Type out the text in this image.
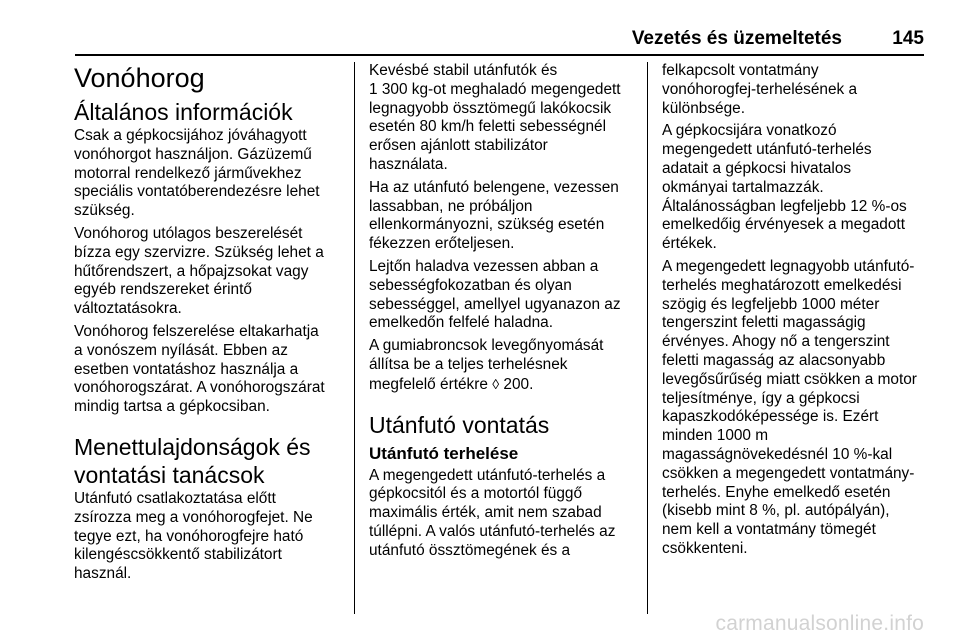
Vezetés és üzemeltetés	145
Vonóhorog
Általános információk

Csak a gépkocsijához jóváhagyott
vonóhorgot használjon. Gázüzemű
motorral rendelkező járművekhez
speciális vontatóberendezésre lehet
szükség.

Vonóhorog utólagos beszerelését
bízza egy szervizre. Szükség lehet a
hűtőrendszert, a hőpajzsokat vagy
egyéb rendszereket érintő
változtatásokra.

Vonóhorog felszerelése eltakarhatja
a vonószem nyílását. Ebben az
esetben vontatáshoz használja a
vonóhorogszárat. A vonóhorogszárat
mindig tartsa a gépkocsiban.

Menettulajdonságok és
vontatási tanácsok

Utánfutó csatlakoztatása előtt
zsírozza meg a vonóhorogfejet. Ne
tegye ezt, ha vonóhorogfejre ható
kilengéscsökkentő stabilizátort
használ.

Kevésbé stabil utánfutók és
1 300 kg-ot meghaladó megengedett
legnagyobb össztömegű lakókocsik
esetén 80 km/h feletti sebességnél
erősen ajánlott stabilizátor
használata.

Ha az utánfutó belengene, vezessen
lassabban, ne próbáljon
ellenkormányozni, szükség esetén
fékezzen erőteljesen.

Lejtőn haladva vezessen abban a
sebességfokozatban és olyan
sebességgel, amellyel ugyanazon az
emelkedőn felfelé haladna.

A gumiabroncsok levegőnyomását
állítsa be a teljes terhelésnek
megfelelő értékre ◊ 200.

Utánfutó vontatás
Utánfutó terhelése

A megengedett utánfutó-terhelés a
gépkocsitól és a motortól függő
maximális érték, amit nem szabad
túllépni. A valós utánfutó-terhelés az
utánfutó össztömegének és a

felkapcsolt vontatmány
vonóhorogfej-terhelésének a
különbsége.

A gépkocsijára vonatkozó
megengedett utánfutó-terhelés
adatait a gépkocsi hivatalos
okmányai tartalmazzák.
Általánosságban legfeljebb 12 %-os
emelkedőig érvényesek a megadott
értékek.

A megengedett legnagyobb utánfutó-
terhelés meghatározott emelkedési
szögig és legfeljebb 1000 méter
tengerszint feletti magasságig
érvényes. Ahogy nő a tengerszint
feletti magasság az alacsonyabb
levegősűrűség miatt csökken a motor
teljesítménye, így a gépkocsi
kapaszkodóképessége is. Ezért
minden 1000 m
magasságnövekedésnél 10 %-kal
csökken a megengedett vontatmány-
terhelés. Enyhe emelkedő esetén
(kisebb mint 8 %, pl. autópályán),
nem kell a vontatmány tömegét
csökkenteni.

carmanualsonline.info
